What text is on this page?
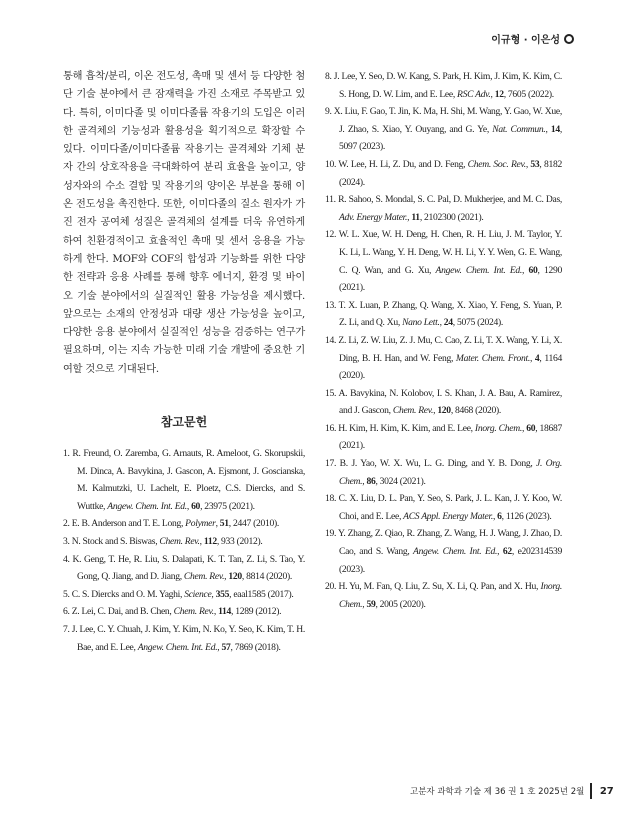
이규형 · 이은성

통해 흡착/분리, 이온 전도성, 촉매 및 센서 등 다양한 첨단 기술 분야에서 큰 잠재력을 가진 소재로 주목받고 있다. 특히, 이미다졸 및 이미다졸륨 작용기의 도입은 이러한 골격체의 기능성과 활용성을 획기적으로 확장할 수 있다. 이미다졸/이미다졸륨 작용기는 골격체와 기체 분자 간의 상호작용을 극대화하여 분리 효율을 높이고, 양성자와의 수소 결합 및 작용기의 양이온 부분을 통해 이온 전도성을 촉진한다. 또한, 이미다졸의 질소 원자가 가진 전자 공여체 성질은 골격체의 설계를 더욱 유연하게 하여 친환경적이고 효율적인 촉매 및 센서 응용을 가능하게 한다. MOF와 COF의 합성과 기능화를 위한 다양한 전략과 응용 사례를 통해 향후 에너지, 환경 및 바이오 기술 분야에서의 실질적인 활용 가능성을 제시했다. 앞으로는 소재의 안정성과 대량 생산 가능성을 높이고, 다양한 응용 분야에서 실질적인 성능을 검증하는 연구가 필요하며, 이는 지속 가능한 미래 기술 개발에 중요한 기여할 것으로 기대된다.

참고문헌

1. R. Freund, O. Zaremba, G. Arnauts, R. Ameloot, G. Skorupskii, M. Dinca, A. Bavykina, J. Gascon, A. Ejsmont, J. Goscianska, M. Kalmutzki, U. Lachelt, E. Ploetz, C.S. Diercks, and S. Wuttke, Angew. Chem. Int. Ed., 60, 23975 (2021).

2. E. B. Anderson and T. E. Long, Polymer, 51, 2447 (2010).

3. N. Stock and S. Biswas, Chem. Rev., 112, 933 (2012).

4. K. Geng, T. He, R. Liu, S. Dalapati, K. T. Tan, Z. Li, S. Tao, Y. Gong, Q. Jiang, and D. Jiang, Chem. Rev., 120, 8814 (2020).

5. C. S. Diercks and O. M. Yaghi, Science, 355, eaal1585 (2017).

6. Z. Lei, C. Dai, and B. Chen, Chem. Rev., 114, 1289 (2012).

7. J. Lee, C. Y. Chuah, J. Kim, Y. Kim, N. Ko, Y. Seo, K. Kim, T. H. Bae, and E. Lee, Angew. Chem. Int. Ed., 57, 7869 (2018).

8. J. Lee, Y. Seo, D. W. Kang, S. Park, H. Kim, J. Kim, K. Kim, C. S. Hong, D. W. Lim, and E. Lee, RSC Adv., 12, 7605 (2022).

9. X. Liu, F. Gao, T. Jin, K. Ma, H. Shi, M. Wang, Y. Gao, W. Xue, J. Zhao, S. Xiao, Y. Ouyang, and G. Ye, Nat. Commun., 14, 5097 (2023).

10. W. Lee, H. Li, Z. Du, and D. Feng, Chem. Soc. Rev., 53, 8182 (2024).

11. R. Sahoo, S. Mondal, S. C. Pal, D. Mukherjee, and M. C. Das, Adv. Energy Mater., 11, 2102300 (2021).

12. W. L. Xue, W. H. Deng, H. Chen, R. H. Liu, J. M. Taylor, Y. K. Li, L. Wang, Y. H. Deng, W. H. Li, Y. Y. Wen, G. E. Wang, C. Q. Wan, and G. Xu, Angew. Chem. Int. Ed., 60, 1290 (2021).

13. T. X. Luan, P. Zhang, Q. Wang, X. Xiao, Y. Feng, S. Yuan, P. Z. Li, and Q. Xu, Nano Lett., 24, 5075 (2024).

14. Z. Li, Z. W. Liu, Z. J. Mu, C. Cao, Z. Li, T. X. Wang, Y. Li, X. Ding, B. H. Han, and W. Feng, Mater. Chem. Front., 4, 1164 (2020).

15. A. Bavykina, N. Kolobov, I. S. Khan, J. A. Bau, A. Ramirez, and J. Gascon, Chem. Rev., 120, 8468 (2020).

16. H. Kim, H. Kim, K. Kim, and E. Lee, Inorg. Chem., 60, 18687 (2021).

17. B. J. Yao, W. X. Wu, L. G. Ding, and Y. B. Dong, J. Org. Chem., 86, 3024 (2021).

18. C. X. Liu, D. L. Pan, Y. Seo, S. Park, J. L. Kan, J. Y. Koo, W. Choi, and E. Lee, ACS Appl. Energy Mater., 6, 1126 (2023).

19. Y. Zhang, Z. Qiao, R. Zhang, Z. Wang, H. J. Wang, J. Zhao, D. Cao, and S. Wang, Angew. Chem. Int. Ed., 62, e202314539 (2023).

20. H. Yu, M. Fan, Q. Liu, Z. Su, X. Li, Q. Pan, and X. Hu, Inorg. Chem., 59, 2005 (2020).

고분자 과학과 기술 제 36 권 1 호 2025년 2월 27
